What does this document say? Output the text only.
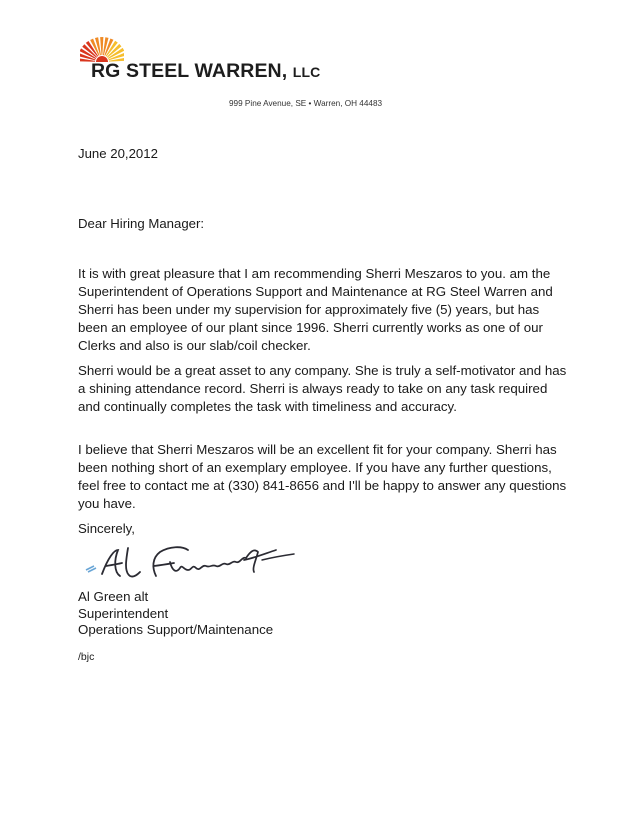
RG STEEL WARREN, LLC
999 Pine Avenue, SE • Warren, OH 44483
June 20,2012
Dear Hiring Manager:
It is with great pleasure that I am recommending Sherri Meszaros to you. am the Superintendent of Operations Support and Maintenance at RG Steel Warren and Sherri has been under my supervision for approximately five (5) years, but has been an employee of our plant since 1996. Sherri currently works as one of our Clerks and also is our slab/coil checker.
Sherri would be a great asset to any company. She is truly a self-motivator and has a shining attendance record. Sherri is always ready to take on any task required and continually completes the task with timeliness and accuracy.
I believe that Sherri Meszaros will be an excellent fit for your company. Sherri has been nothing short of an exemplary employee. If you have any further questions, feel free to contact me at (330) 841-8656 and I'll be happy to answer any questions you have.
Sincerely,
Al Green alt
Superintendent
Operations Support/Maintenance
/bjc
